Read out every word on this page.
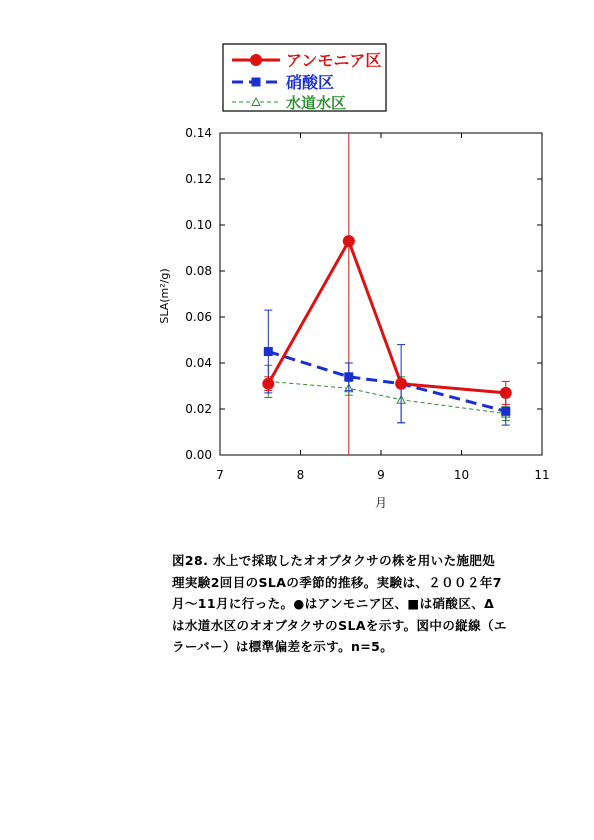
アンモニア区
硝酸区
水道水区
0.00
0.02
0.04
0.06
0.08
0.10
0.12
0.14
7	8	9	10	11
月
SLA(m²/g)
図28. 水上で採取したオオブタクサの株を用いた施肥処
理実験2回目のSLAの季節的推移。実験は、２００２年7
月～11月に行った。●はアンモニア区、■は硝酸区、Δ
は水道水区のオオブタクサのSLAを示す。図中の縦線（エ
ラーバー）は標準偏差を示す。n=5。
